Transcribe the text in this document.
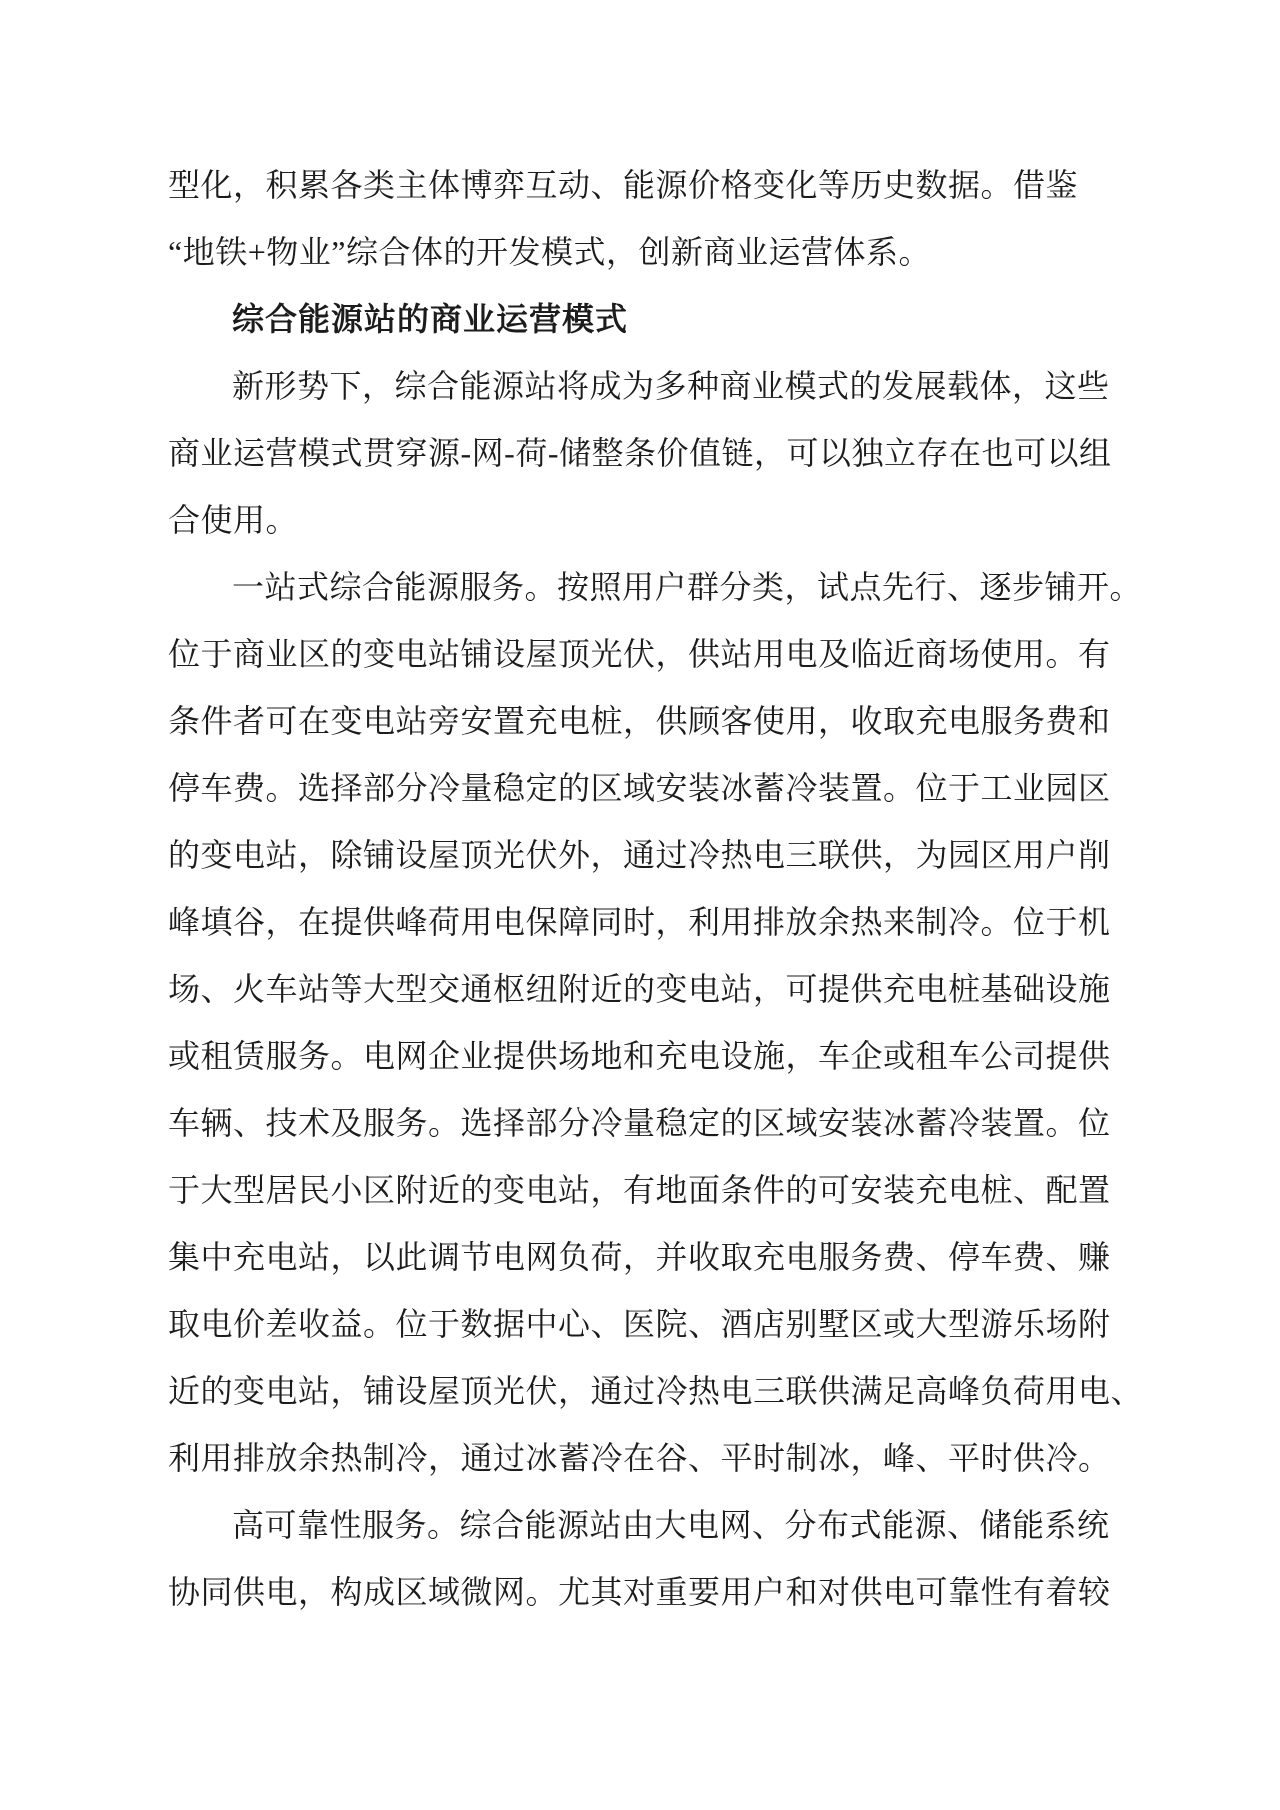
型化，积累各类主体博弈互动、能源价格变化等历史数据。借鉴
“地铁+物业”综合体的开发模式，创新商业运营体系。
综合能源站的商业运营模式
新形势下，综合能源站将成为多种商业模式的发展载体，这些
商业运营模式贯穿源-网-荷-储整条价值链，可以独立存在也可以组
合使用。
一站式综合能源服务。按照用户群分类，试点先行、逐步铺开。
位于商业区的变电站铺设屋顶光伏，供站用电及临近商场使用。有
条件者可在变电站旁安置充电桩，供顾客使用，收取充电服务费和
停车费。选择部分冷量稳定的区域安装冰蓄冷装置。位于工业园区
的变电站，除铺设屋顶光伏外，通过冷热电三联供，为园区用户削
峰填谷，在提供峰荷用电保障同时，利用排放余热来制冷。位于机
场、火车站等大型交通枢纽附近的变电站，可提供充电桩基础设施
或租赁服务。电网企业提供场地和充电设施，车企或租车公司提供
车辆、技术及服务。选择部分冷量稳定的区域安装冰蓄冷装置。位
于大型居民小区附近的变电站，有地面条件的可安装充电桩、配置
集中充电站，以此调节电网负荷，并收取充电服务费、停车费、赚
取电价差收益。位于数据中心、医院、酒店别墅区或大型游乐场附
近的变电站，铺设屋顶光伏，通过冷热电三联供满足高峰负荷用电、
利用排放余热制冷，通过冰蓄冷在谷、平时制冰，峰、平时供冷。
高可靠性服务。综合能源站由大电网、分布式能源、储能系统
协同供电，构成区域微网。尤其对重要用户和对供电可靠性有着较
